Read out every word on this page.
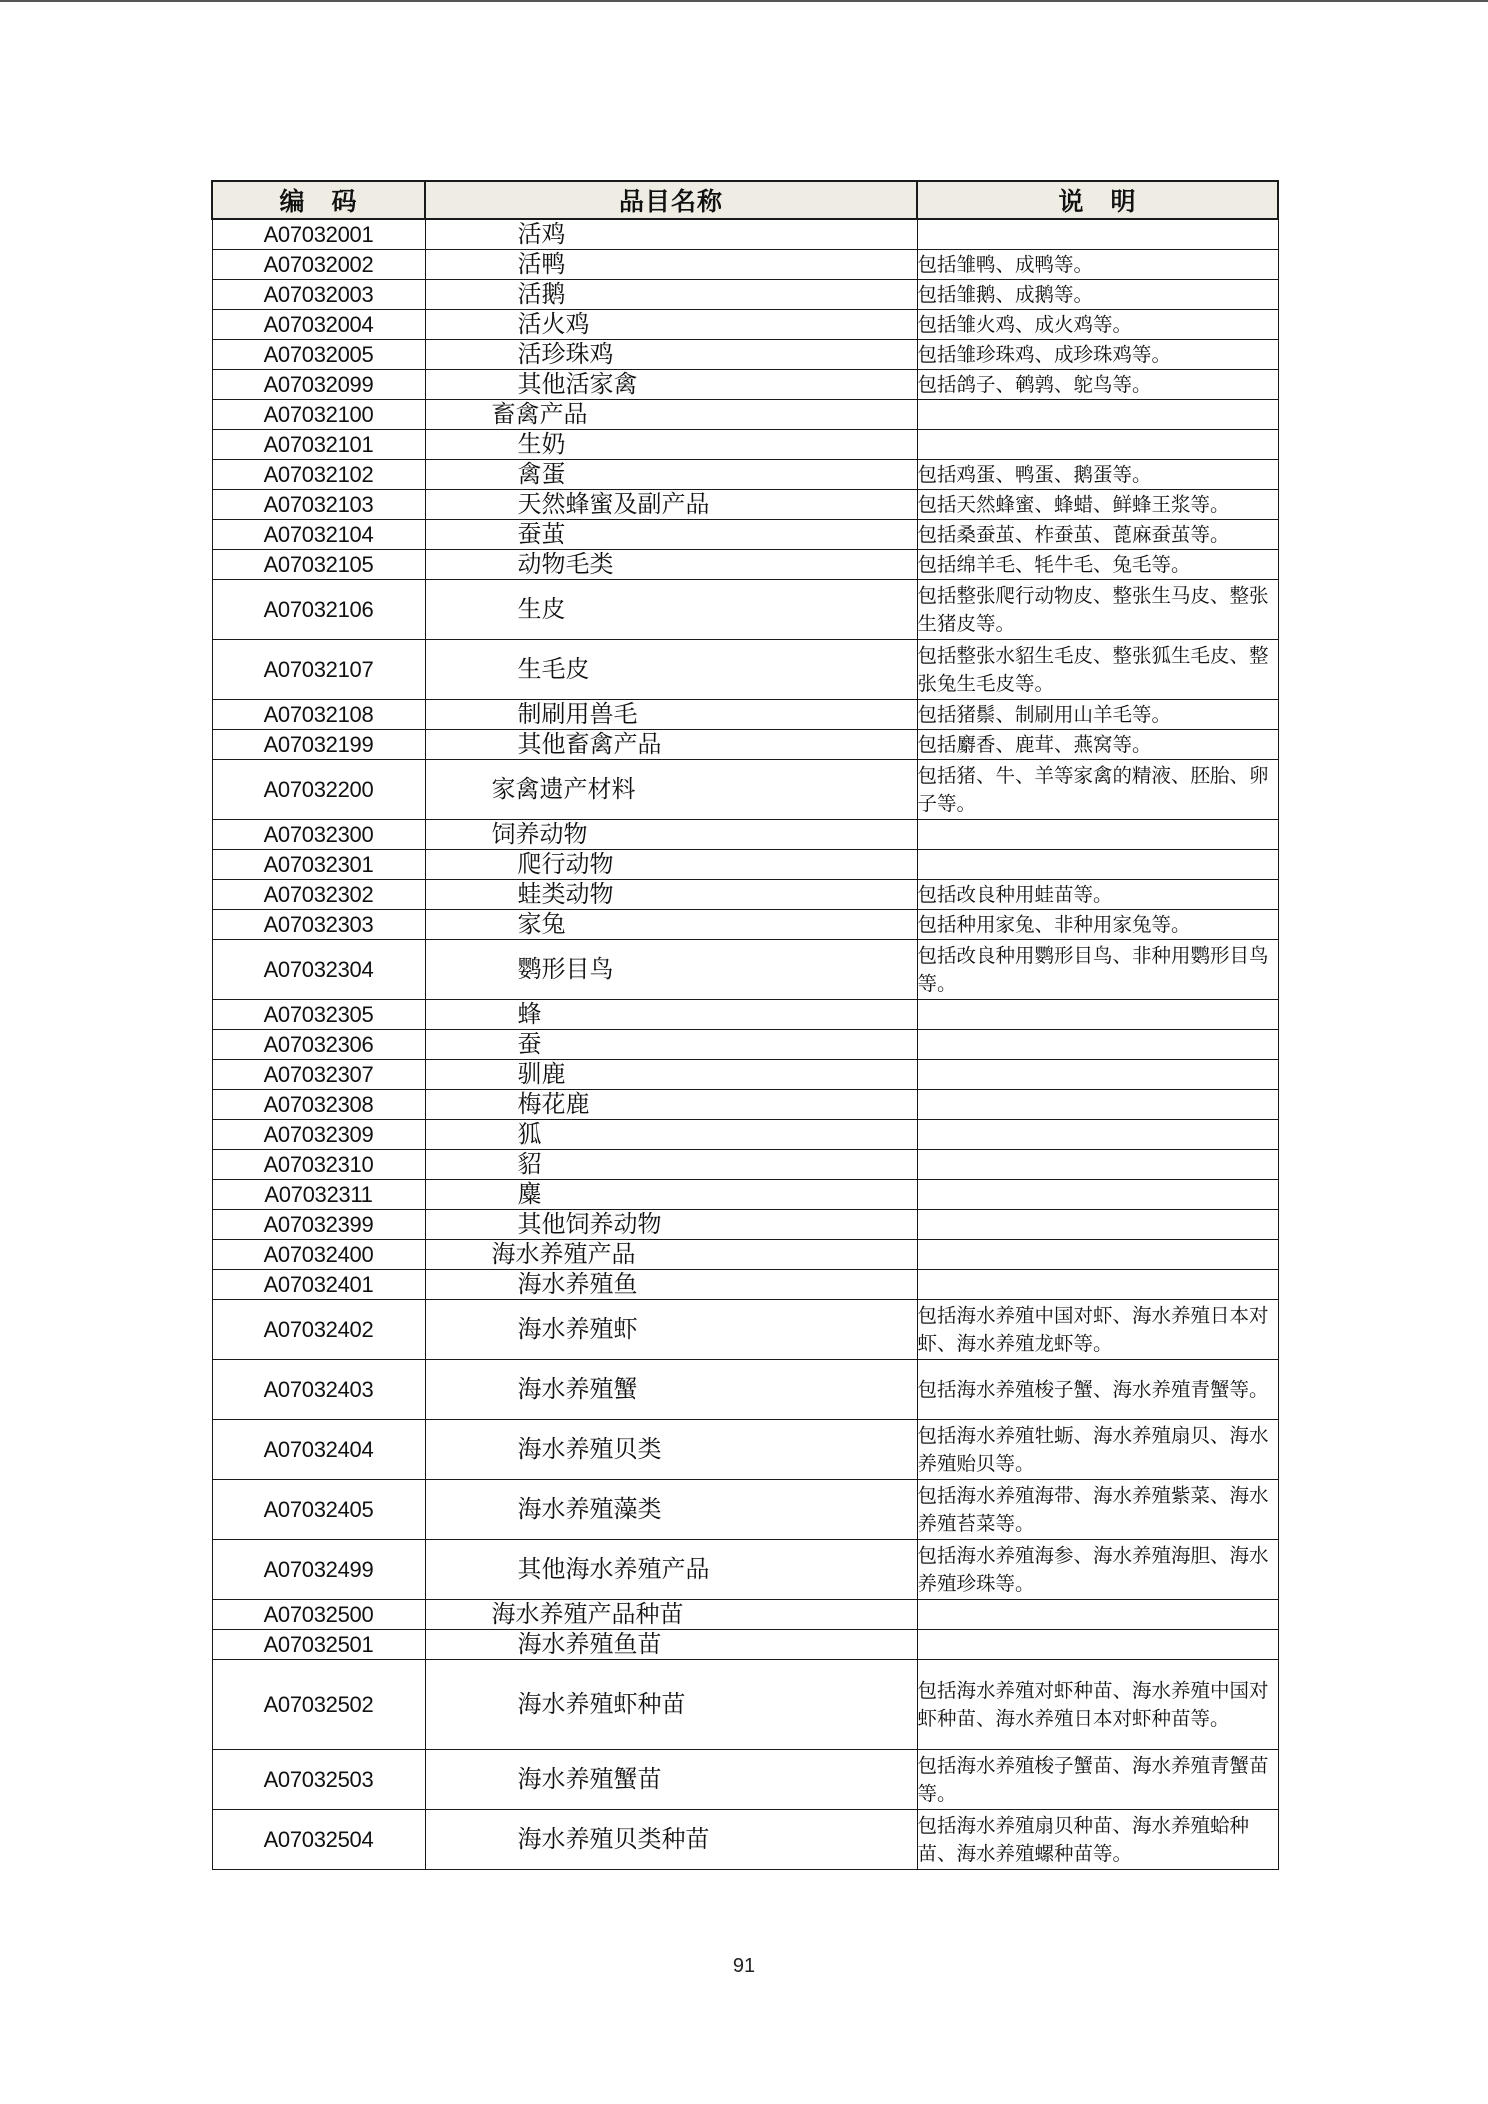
编　码	品目名称	说　明
A07032001	活鸡	
A07032002	活鸭	包括雏鸭、成鸭等。
A07032003	活鹅	包括雏鹅、成鹅等。
A07032004	活火鸡	包括雏火鸡、成火鸡等。
A07032005	活珍珠鸡	包括雏珍珠鸡、成珍珠鸡等。
A07032099	其他活家禽	包括鸽子、鹌鹑、鸵鸟等。
A07032100	畜禽产品	
A07032101	生奶	
A07032102	禽蛋	包括鸡蛋、鸭蛋、鹅蛋等。
A07032103	天然蜂蜜及副产品	包括天然蜂蜜、蜂蜡、鲜蜂王浆等。
A07032104	蚕茧	包括桑蚕茧、柞蚕茧、蓖麻蚕茧等。
A07032105	动物毛类	包括绵羊毛、牦牛毛、兔毛等。
A07032106	生皮	包括整张爬行动物皮、整张生马皮、整张生猪皮等。
A07032107	生毛皮	包括整张水貂生毛皮、整张狐生毛皮、整张兔生毛皮等。
A07032108	制刷用兽毛	包括猪鬃、制刷用山羊毛等。
A07032199	其他畜禽产品	包括麝香、鹿茸、燕窝等。
A07032200	家禽遗产材料	包括猪、牛、羊等家禽的精液、胚胎、卵子等。
A07032300	饲养动物	
A07032301	爬行动物	
A07032302	蛙类动物	包括改良种用蛙苗等。
A07032303	家兔	包括种用家兔、非种用家兔等。
A07032304	鹦形目鸟	包括改良种用鹦形目鸟、非种用鹦形目鸟等。
A07032305	蜂	
A07032306	蚕	
A07032307	驯鹿	
A07032308	梅花鹿	
A07032309	狐	
A07032310	貂	
A07032311	麋	
A07032399	其他饲养动物	
A07032400	海水养殖产品	
A07032401	海水养殖鱼	
A07032402	海水养殖虾	包括海水养殖中国对虾、海水养殖日本对虾、海水养殖龙虾等。
A07032403	海水养殖蟹	包括海水养殖梭子蟹、海水养殖青蟹等。
A07032404	海水养殖贝类	包括海水养殖牡蛎、海水养殖扇贝、海水养殖贻贝等。
A07032405	海水养殖藻类	包括海水养殖海带、海水养殖紫菜、海水养殖苔菜等。
A07032499	其他海水养殖产品	包括海水养殖海参、海水养殖海胆、海水养殖珍珠等。
A07032500	海水养殖产品种苗	
A07032501	海水养殖鱼苗	
A07032502	海水养殖虾种苗	包括海水养殖对虾种苗、海水养殖中国对虾种苗、海水养殖日本对虾种苗等。
A07032503	海水养殖蟹苗	包括海水养殖梭子蟹苗、海水养殖青蟹苗等。
A07032504	海水养殖贝类种苗	包括海水养殖扇贝种苗、海水养殖蛤种苗、海水养殖螺种苗等。
91
